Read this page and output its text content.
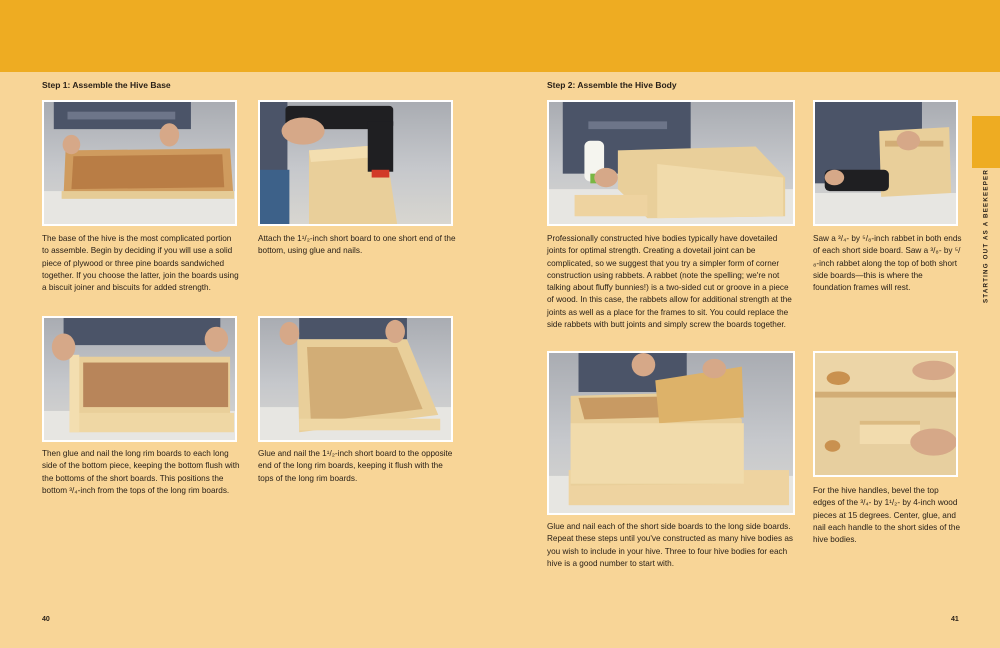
Step 1: Assemble the Hive Base

The base of the hive is the most complicated portion to assemble. Begin by deciding if you will use a solid piece of plywood or three pine boards sandwiched together. If you choose the latter, join the boards using a biscuit joiner and biscuits for added strength.

Attach the 1¹/₂-inch short board to one short end of the bottom, using glue and nails.

Then glue and nail the long rim boards to each long side of the bottom piece, keeping the bottom flush with the bottoms of the short boards. This positions the bottom ³/₄-inch from the tops of the long rim boards.

Glue and nail the 1¹/₂-inch short board to the opposite end of the long rim boards, keeping it flush with the tops of the long rim boards.

40
Step 2: Assemble the Hive Body

Professionally constructed hive bodies typically have dovetailed joints for optimal strength. Creating a dovetail joint can be complicated, so we suggest that you try a simpler form of corner construction using rabbets. A rabbet (note the spelling; we're not talking about fluffy bunnies!) is a two-sided cut or groove in a piece of wood. In this case, the rabbets allow for additional strength at the joints as well as a place for the frames to sit. You could replace the side rabbets with butt joints and simply screw the boards together.

Saw a ³/₄- by ⁵/₈-inch rabbet in both ends of each short side board. Saw a ³/₈- by ⁵/₈-inch rabbet along the top of both short side boards—this is where the foundation frames will rest.

Glue and nail each of the short side boards to the long side boards. Repeat these steps until you've constructed as many hive bodies as you wish to include in your hive. Three to four hive bodies for each hive is a good number to start with.

For the hive handles, bevel the top edges of the ³/₄- by 1¹/₂- by 4-inch wood pieces at 15 degrees. Center, glue, and nail each handle to the short sides of the hive bodies.

STARTING OUT AS A BEEKEEPER
41
